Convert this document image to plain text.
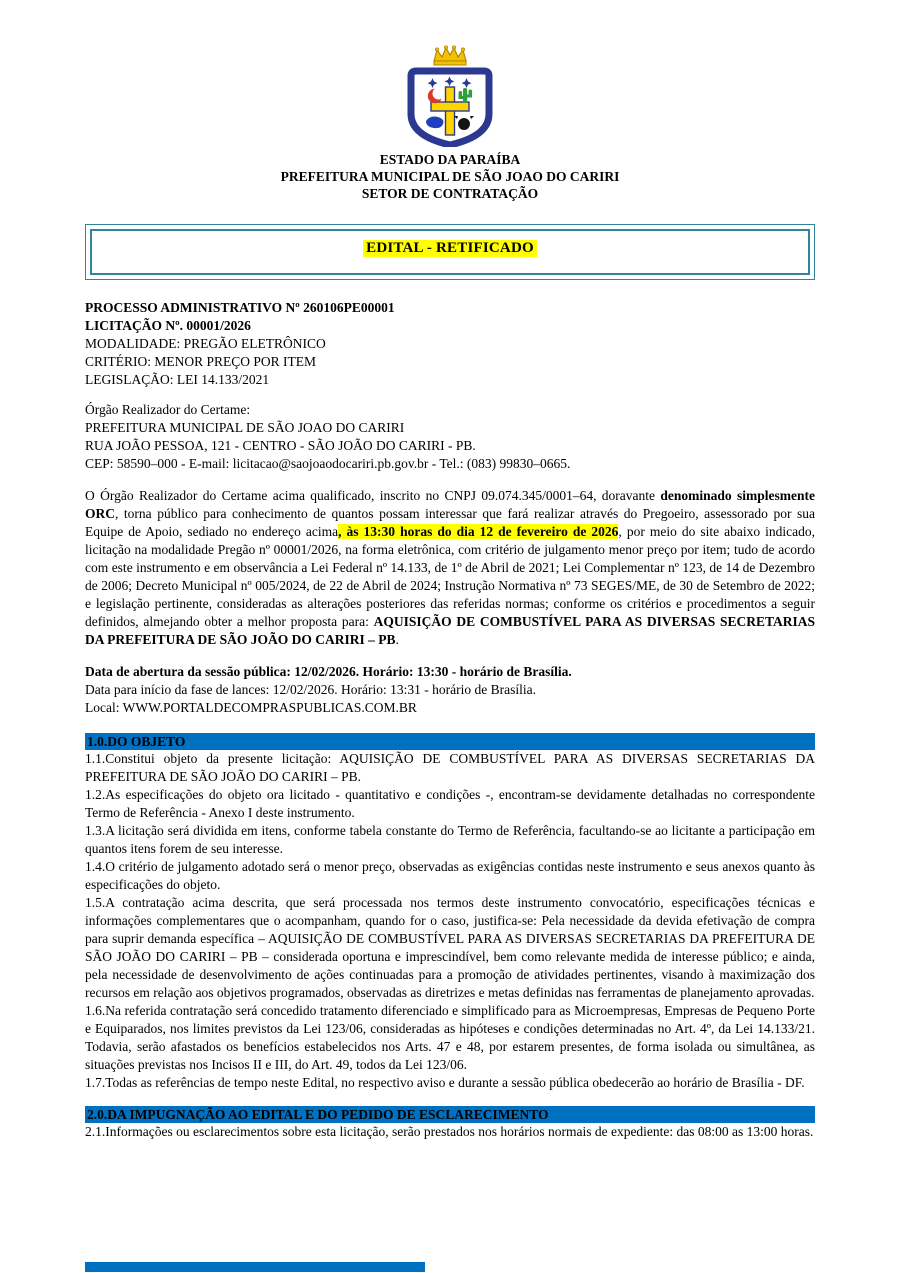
ESTADO DA PARAÍBA

PREFEITURA MUNICIPAL DE SÃO JOAO DO CARIRI

SETOR DE CONTRATAÇÃO

EDITAL - RETIFICADO

PROCESSO ADMINISTRATIVO Nº 260106PE00001

LICITAÇÃO Nº. 00001/2026

MODALIDADE: PREGÃO ELETRÔNICO

CRITÉRIO: MENOR PREÇO POR ITEM

LEGISLAÇÃO: LEI 14.133/2021

Órgão Realizador do Certame:

PREFEITURA MUNICIPAL DE SÃO JOAO DO CARIRI

RUA JOÃO PESSOA, 121 - CENTRO - SÃO JOÃO DO CARIRI - PB.

CEP: 58590–000 - E-mail: licitacao@saojoaodocariri.pb.gov.br - Tel.: (083) 99830–0665.

O Órgão Realizador do Certame acima qualificado, inscrito no CNPJ 09.074.345/0001–64, doravante denominado simplesmente ORC, torna público para conhecimento de quantos possam interessar que fará realizar através do Pregoeiro, assessorado por sua Equipe de Apoio, sediado no endereço acima, às 13:30 horas do dia 12 de fevereiro de 2026, por meio do site abaixo indicado, licitação na modalidade Pregão nº 00001/2026, na forma eletrônica, com critério de julgamento menor preço por item; tudo de acordo com este instrumento e em observância a Lei Federal nº 14.133, de 1º de Abril de 2021; Lei Complementar nº 123, de 14 de Dezembro de 2006; Decreto Municipal nº 005/2024, de 22 de Abril de 2024; Instrução Normativa nº 73 SEGES/ME, de 30 de Setembro de 2022; e legislação pertinente, consideradas as alterações posteriores das referidas normas; conforme os critérios e procedimentos a seguir definidos, almejando obter a melhor proposta para: AQUISIÇÃO DE COMBUSTÍVEL PARA AS DIVERSAS SECRETARIAS DA PREFEITURA DE SÃO JOÃO DO CARIRI – PB.

Data de abertura da sessão pública: 12/02/2026. Horário: 13:30 - horário de Brasília.

Data para início da fase de lances: 12/02/2026. Horário: 13:31 - horário de Brasília.

Local: WWW.PORTALDECOMPRASPUBLICAS.COM.BR

1.0.DO OBJETO

1.1.Constitui objeto da presente licitação: AQUISIÇÃO DE COMBUSTÍVEL PARA AS DIVERSAS SECRETARIAS DA PREFEITURA DE SÃO JOÃO DO CARIRI – PB.

1.2.As especificações do objeto ora licitado - quantitativo e condições -, encontram-se devidamente detalhadas no correspondente Termo de Referência - Anexo I deste instrumento.

1.3.A licitação será dividida em itens, conforme tabela constante do Termo de Referência, facultando-se ao licitante a participação em quantos itens forem de seu interesse.

1.4.O critério de julgamento adotado será o menor preço, observadas as exigências contidas neste instrumento e seus anexos quanto às especificações do objeto.

1.5.A contratação acima descrita, que será processada nos termos deste instrumento convocatório, especificações técnicas e informações complementares que o acompanham, quando for o caso, justifica-se: Pela necessidade da devida efetivação de compra para suprir demanda específica – AQUISIÇÃO DE COMBUSTÍVEL PARA AS DIVERSAS SECRETARIAS DA PREFEITURA DE SÃO JOÃO DO CARIRI – PB – considerada oportuna e imprescindível, bem como relevante medida de interesse público; e ainda, pela necessidade de desenvolvimento de ações continuadas para a promoção de atividades pertinentes, visando à maximização dos recursos em relação aos objetivos programados, observadas as diretrizes e metas definidas nas ferramentas de planejamento aprovadas.

1.6.Na referida contratação será concedido tratamento diferenciado e simplificado para as Microempresas, Empresas de Pequeno Porte e Equiparados, nos limites previstos da Lei 123/06, consideradas as hipóteses e condições determinadas no Art. 4º, da Lei 14.133/21. Todavia, serão afastados os benefícios estabelecidos nos Arts. 47 e 48, por estarem presentes, de forma isolada ou simultânea, as situações previstas nos Incisos II e III, do Art. 49, todos da Lei 123/06.

1.7.Todas as referências de tempo neste Edital, no respectivo aviso e durante a sessão pública obedecerão ao horário de Brasília - DF.

2.0.DA IMPUGNAÇÃO AO EDITAL E DO PEDIDO DE ESCLARECIMENTO

2.1.Informações ou esclarecimentos sobre esta licitação, serão prestados nos horários normais de expediente: das 08:00 as 13:00 horas.
